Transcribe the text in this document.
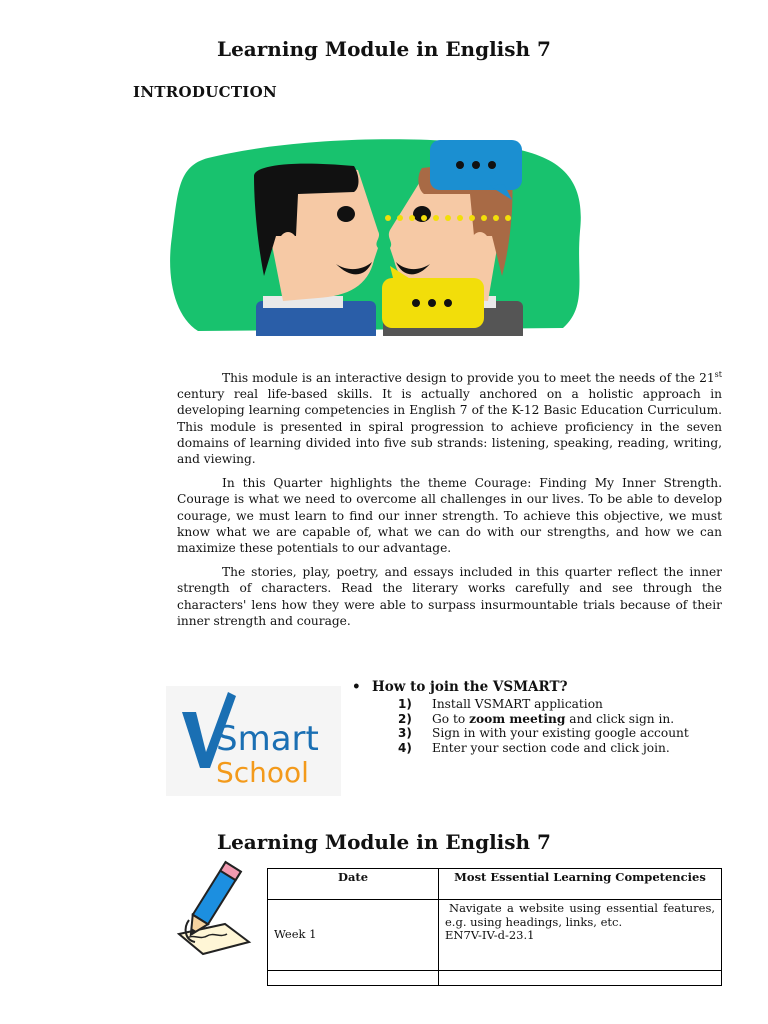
Learning Module in English 7
INTRODUCTION

This module is an interactive design to provide you to meet the needs of the 21st century real life-based skills. It is actually anchored on a holistic approach in developing learning competencies in English 7 of the K-12 Basic Education Curriculum. This module is presented in spiral progression to achieve proficiency in the seven domains of learning divided into five sub strands: listening, speaking, reading, writing, and viewing.

In this Quarter highlights the theme Courage: Finding My Inner Strength. Courage is what we need to overcome all challenges in our lives. To be able to develop courage, we must learn to find our inner strength. To achieve this objective, we must know what we are capable of, what we can do with our strengths, and how we can maximize these potentials to our advantage.

The stories, play, poetry, and essays included in this quarter reflect the inner strength of characters. Read the literary works carefully and see through the characters' lens how they were able to surpass insurmountable trials because of their inner strength and courage.

Smart
School
• How to join the VSMART?
1)	Install VSMART application
2)	Go to zoom meeting and click sign in.
3)	Sign in with your existing google account
4)	Enter your section code and click join.
Learning Module in English 7
Date	Most Essential Learning Competencies
Week 1	Navigate a website using essential features, e.g. using headings, links, etc.
EN7V-IV-d-23.1
